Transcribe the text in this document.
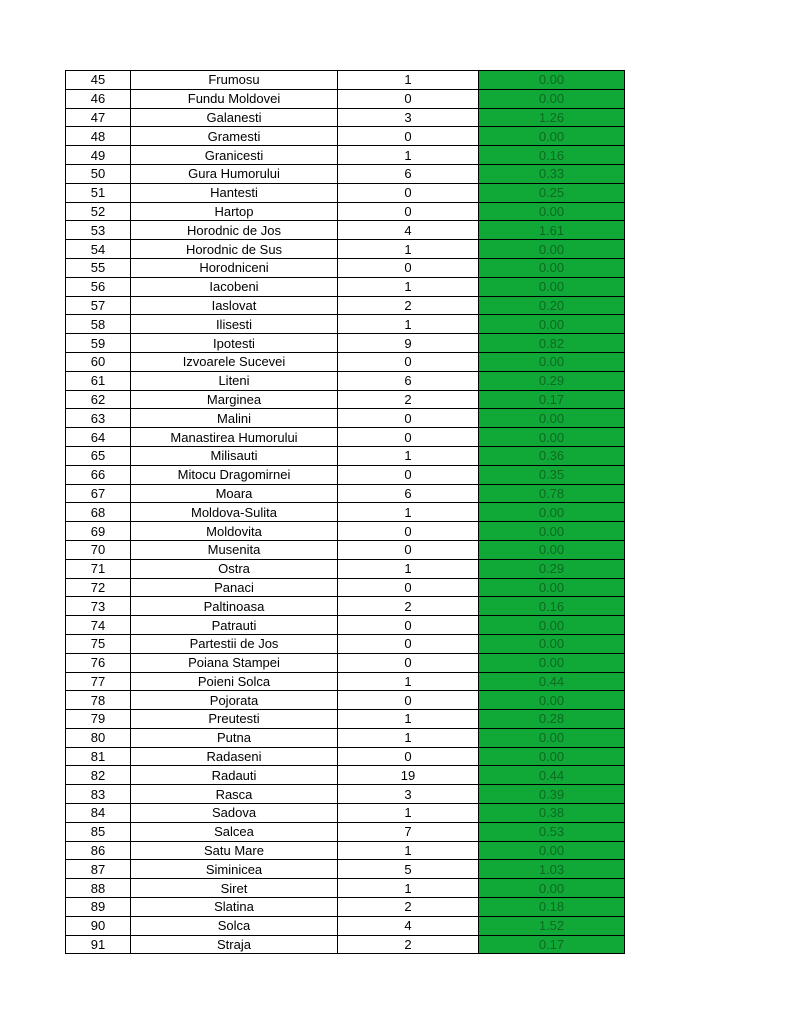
45	Frumosu	1	0.00
46	Fundu Moldovei	0	0.00
47	Galanesti	3	1.26
48	Gramesti	0	0.00
49	Granicesti	1	0.16
50	Gura Humorului	6	0.33
51	Hantesti	0	0.25
52	Hartop	0	0.00
53	Horodnic de Jos	4	1.61
54	Horodnic de Sus	1	0.00
55	Horodniceni	0	0.00
56	Iacobeni	1	0.00
57	Iaslovat	2	0.20
58	Ilisesti	1	0.00
59	Ipotesti	9	0.82
60	Izvoarele Sucevei	0	0.00
61	Liteni	6	0.29
62	Marginea	2	0.17
63	Malini	0	0.00
64	Manastirea Humorului	0	0.00
65	Milisauti	1	0.36
66	Mitocu Dragomirnei	0	0.35
67	Moara	6	0.78
68	Moldova-Sulita	1	0.00
69	Moldovita	0	0.00
70	Musenita	0	0.00
71	Ostra	1	0.29
72	Panaci	0	0.00
73	Paltinoasa	2	0.16
74	Patrauti	0	0.00
75	Partestii de Jos	0	0.00
76	Poiana Stampei	0	0.00
77	Poieni Solca	1	0.44
78	Pojorata	0	0.00
79	Preutesti	1	0.28
80	Putna	1	0.00
81	Radaseni	0	0.00
82	Radauti	19	0.44
83	Rasca	3	0.39
84	Sadova	1	0.38
85	Salcea	7	0.53
86	Satu Mare	1	0.00
87	Siminicea	5	1.03
88	Siret	1	0.00
89	Slatina	2	0.18
90	Solca	4	1.52
91	Straja	2	0.17
